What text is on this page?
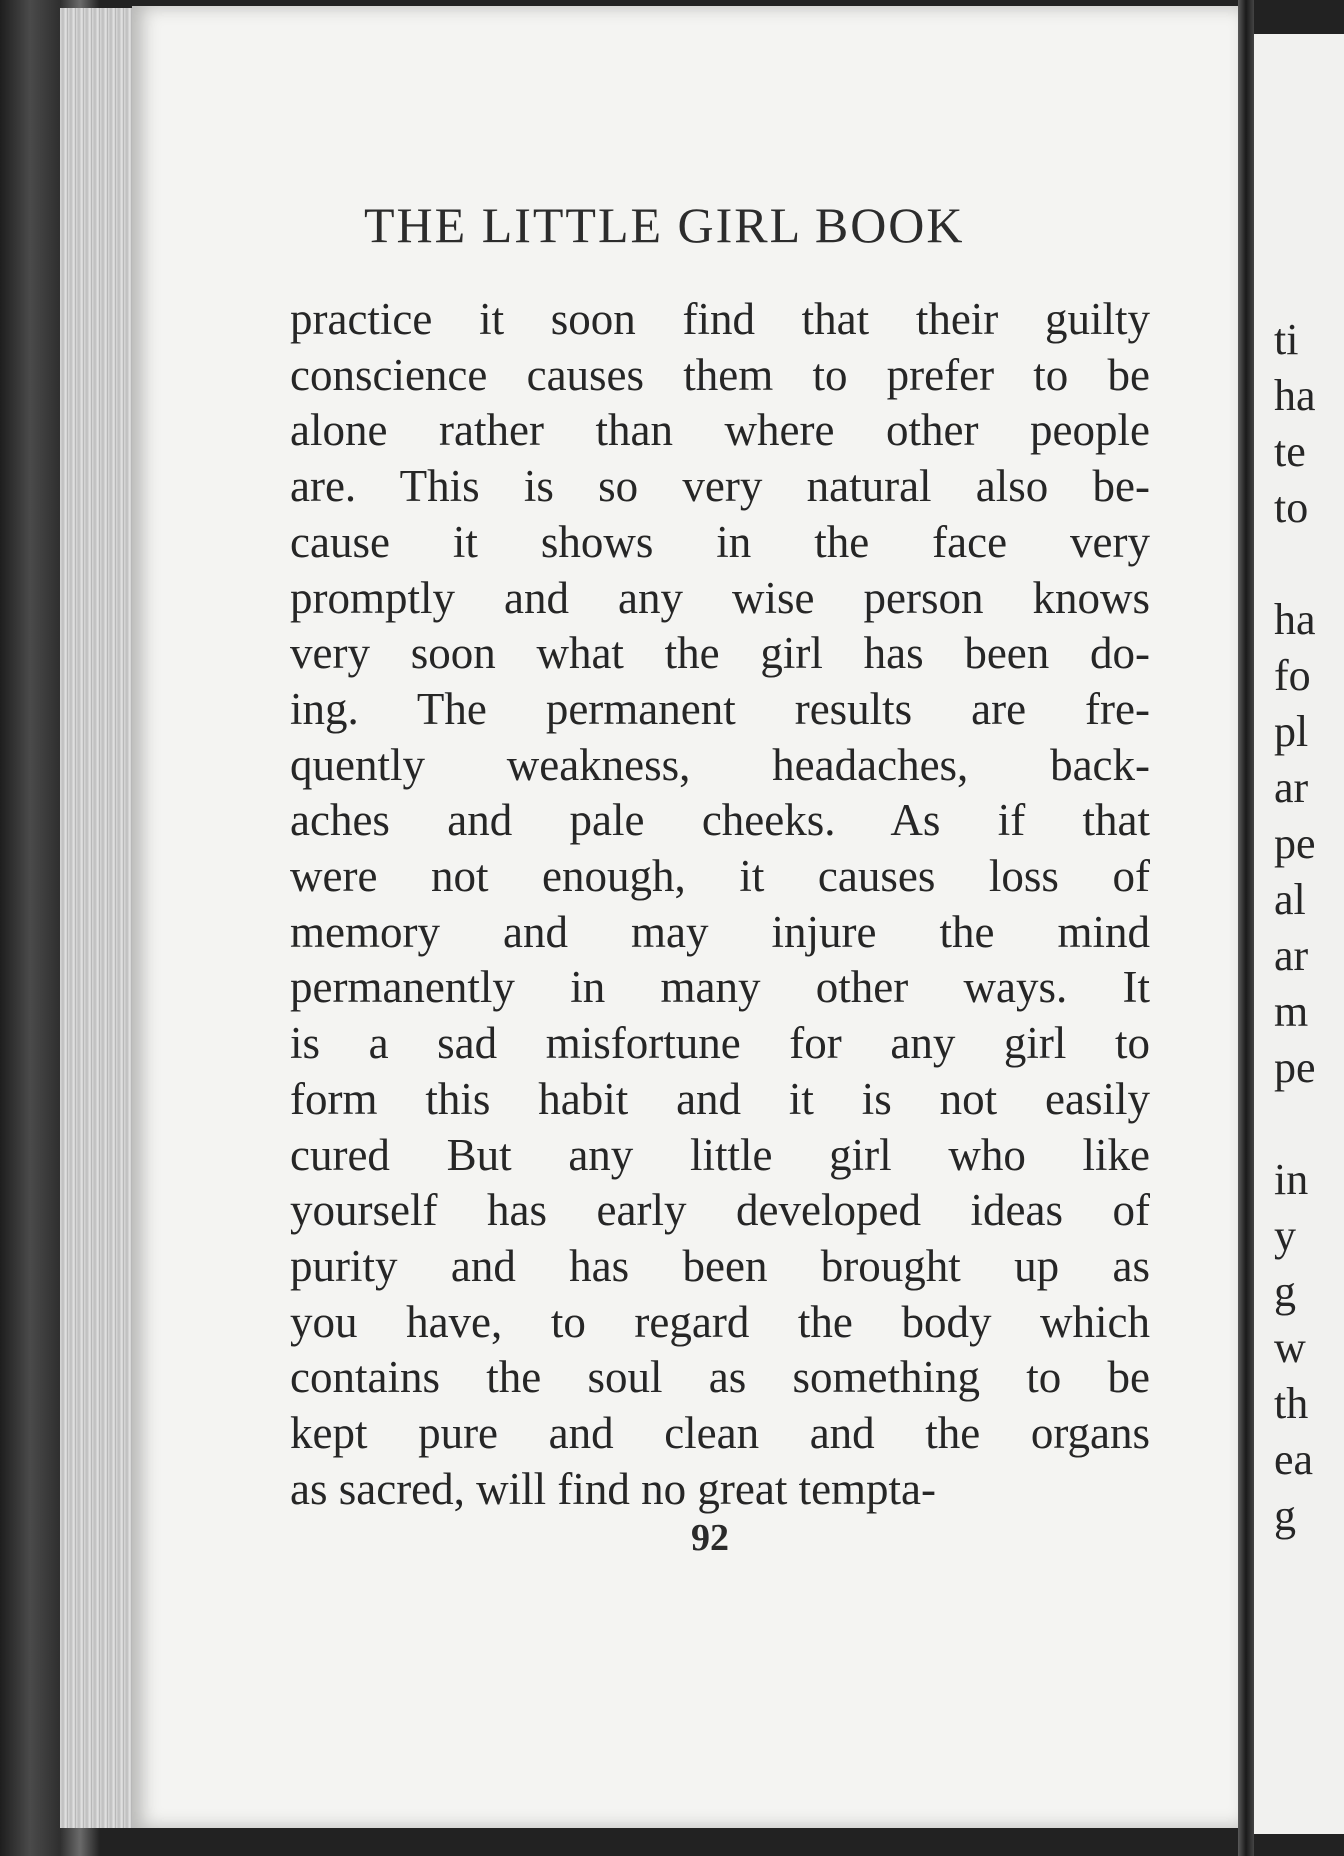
THE LITTLE GIRL BOOK
practice it soon find that their guilty
conscience causes them to prefer to be
alone rather than where other people
are. This is so very natural also be-
cause it shows in the face very
promptly and any wise person knows
very soon what the girl has been do-
ing. The permanent results are fre-
quently weakness, headaches, back-
aches and pale cheeks. As if that
were not enough, it causes loss of
memory and may injure the mind
permanently in many other ways. It
is a sad misfortune for any girl to
form this habit and it is not easily
cured But any little girl who like
yourself has early developed ideas of
purity and has been brought up as
you have, to regard the body which
contains the soul as something to be
kept pure and clean and the organs
as sacred, will find no great tempta-
92
ti
ha
te
to
ha
fo
pl
ar
pe
al
ar
m
pe
in
y
g
w
th
ea
g
